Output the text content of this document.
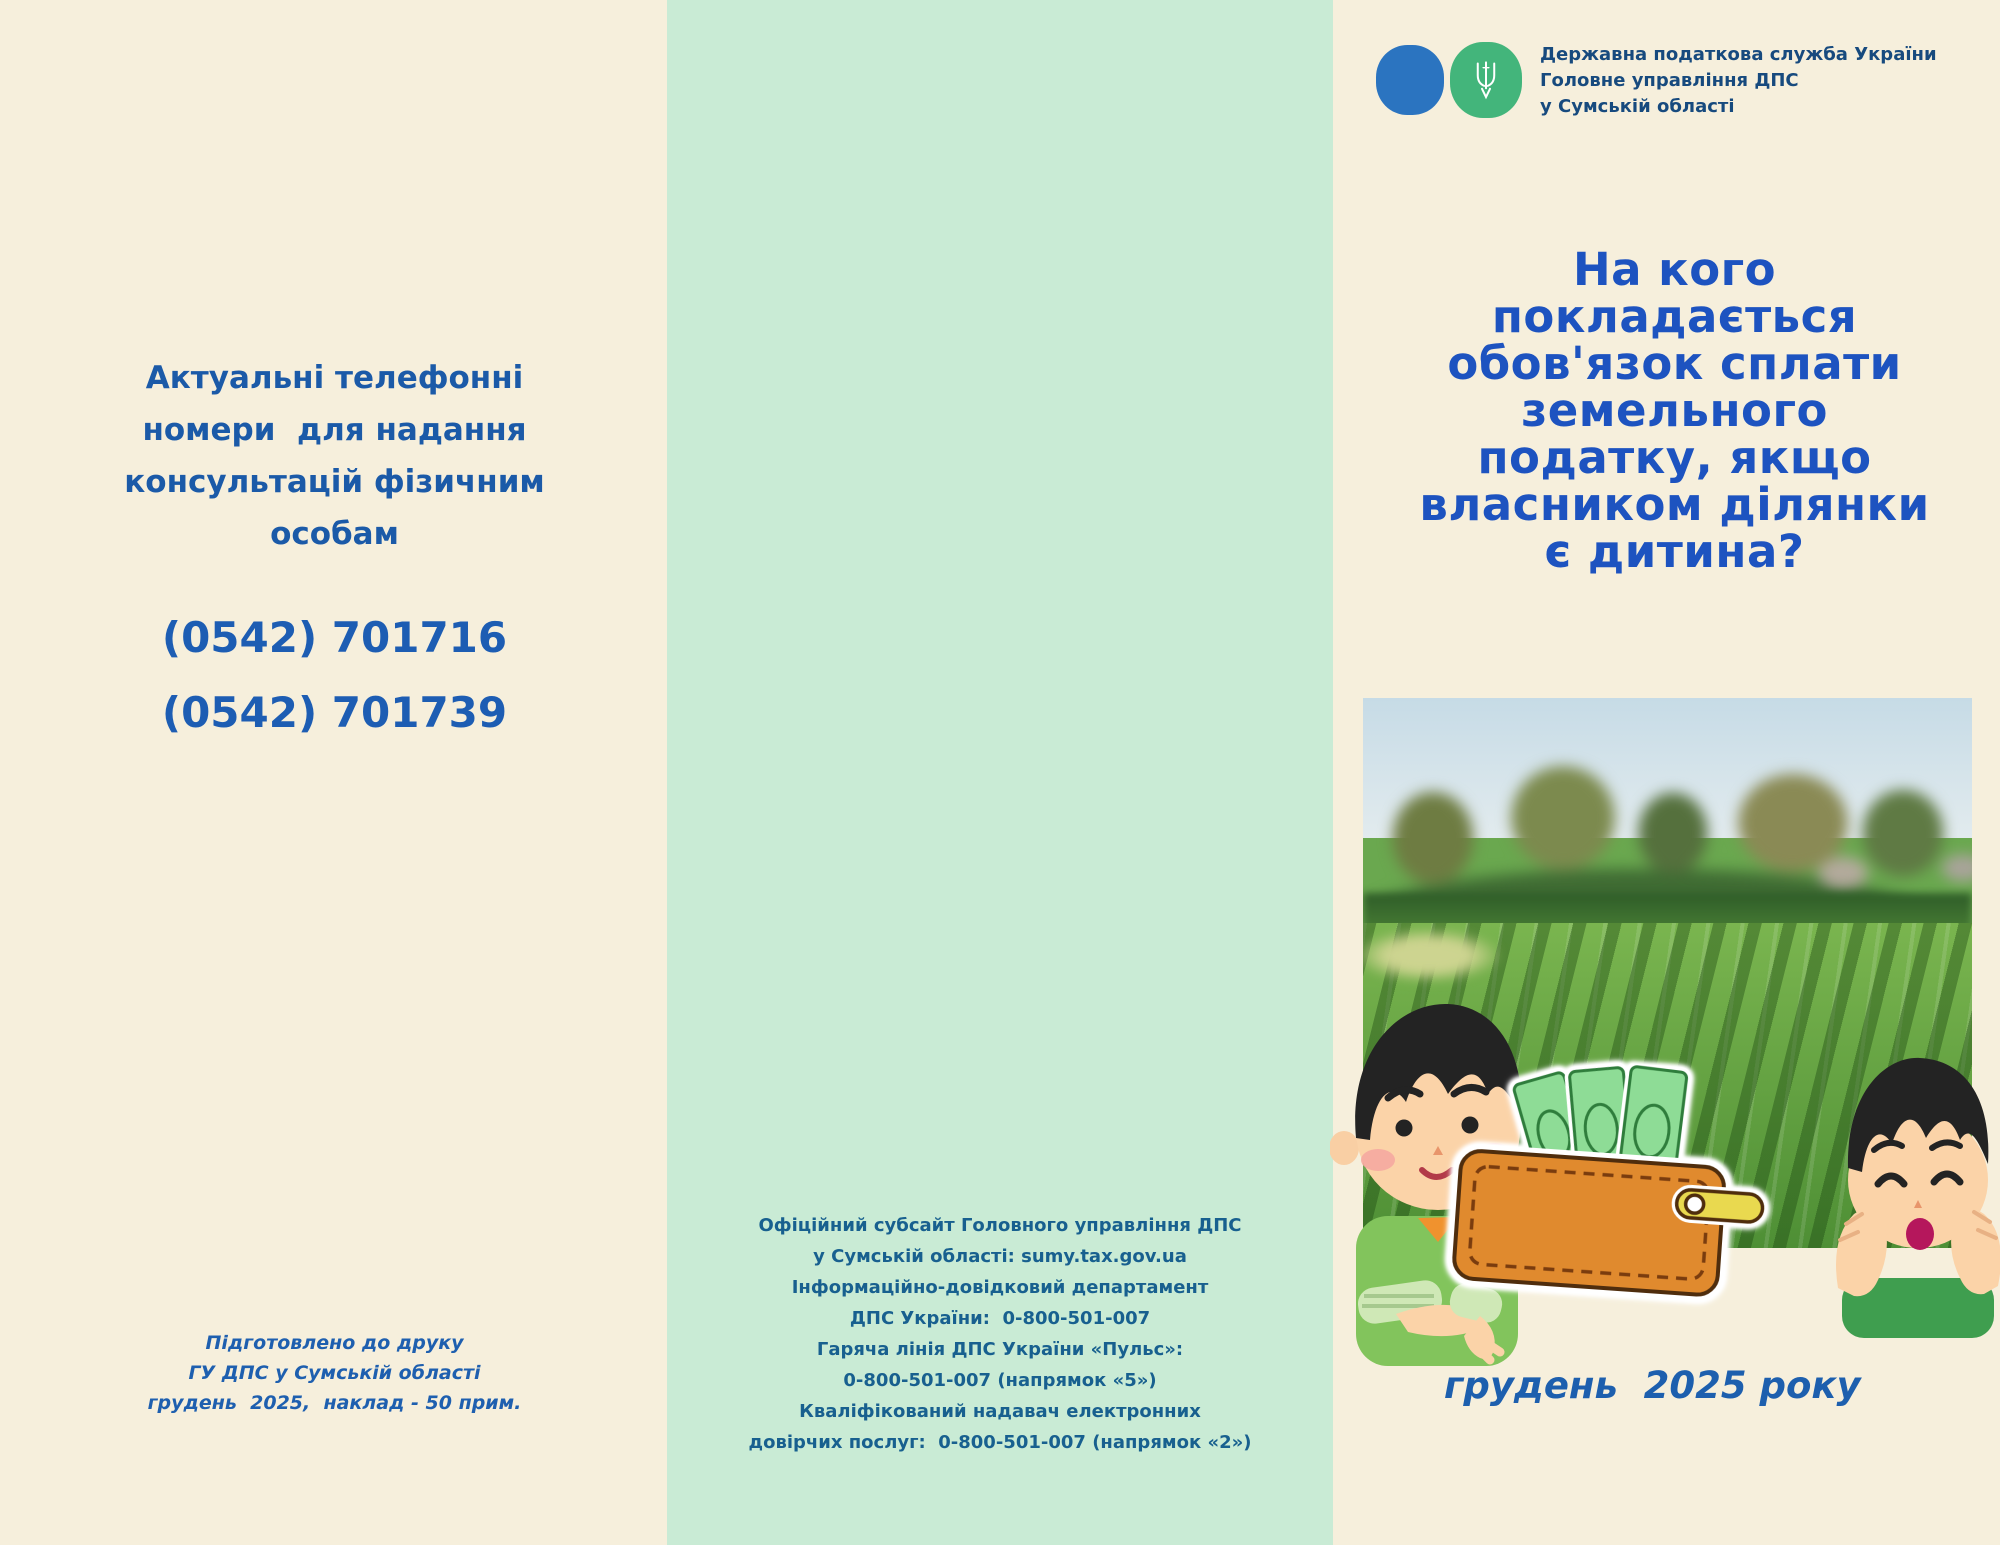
Актуальні телефонні
номери  для надання
консультацій фізичним
особам
(0542) 701716
(0542) 701739
Підготовлено до друку
ГУ ДПС у Сумській області
грудень  2025,  наклад - 50 прим.
Офіційний субсайт Головного управління ДПС
у Сумській області: sumy.tax.gov.ua
Інформаційно-довідковий департамент
ДПС України:  0-800-501-007
Гаряча лінія ДПС України «Пульс»:
0-800-501-007 (напрямок «5»)
Кваліфікований надавач електронних
довірчих послуг:  0-800-501-007 (напрямок «2»)
Державна податкова служба України
Головне управління ДПС
у Сумській області
На кого
покладається
обов'язок сплати
земельного
податку, якщо
власником ділянки
є дитина?
грудень  2025 року
